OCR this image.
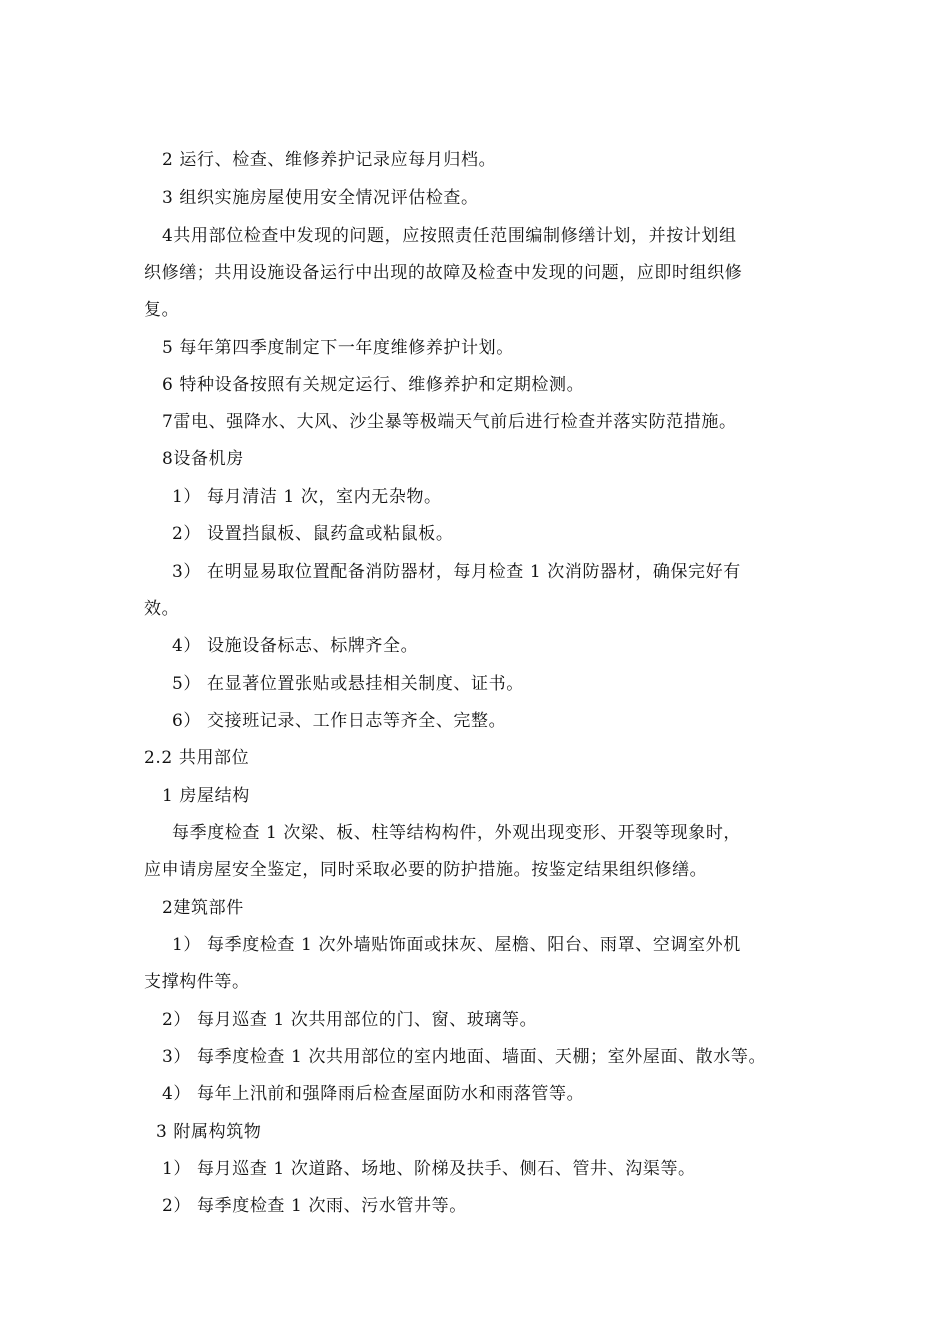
2 运行、检查、维修养护记录应每月归档。
3 组织实施房屋使用安全情况评估检查。
4共用部位检查中发现的问题，应按照责任范围编制修缮计划，并按计划组
织修缮；共用设施设备运行中出现的故障及检查中发现的问题，应即时组织修
复。
5 每年第四季度制定下一年度维修养护计划。
6 特种设备按照有关规定运行、维修养护和定期检测。
7雷电、强降水、大风、沙尘暴等极端天气前后进行检查并落实防范措施。
8设备机房
1） 每月清洁 1 次，室内无杂物。
2） 设置挡鼠板、鼠药盒或粘鼠板。
3） 在明显易取位置配备消防器材，每月检查 1 次消防器材，确保完好有
效。
4） 设施设备标志、标牌齐全。
5） 在显著位置张贴或悬挂相关制度、证书。
6） 交接班记录、工作日志等齐全、完整。
2.2 共用部位
1 房屋结构
每季度检查 1 次梁、板、柱等结构构件，外观出现变形、开裂等现象时，
应申请房屋安全鉴定，同时采取必要的防护措施。按鉴定结果组织修缮。
2建筑部件
1） 每季度检查 1 次外墙贴饰面或抹灰、屋檐、阳台、雨罩、空调室外机
支撑构件等。
2） 每月巡查 1 次共用部位的门、窗、玻璃等。
3） 每季度检查 1 次共用部位的室内地面、墙面、天棚；室外屋面、散水等。
4） 每年上汛前和强降雨后检查屋面防水和雨落管等。
3 附属构筑物
1） 每月巡查 1 次道路、场地、阶梯及扶手、侧石、管井、沟渠等。
2） 每季度检查 1 次雨、污水管井等。
